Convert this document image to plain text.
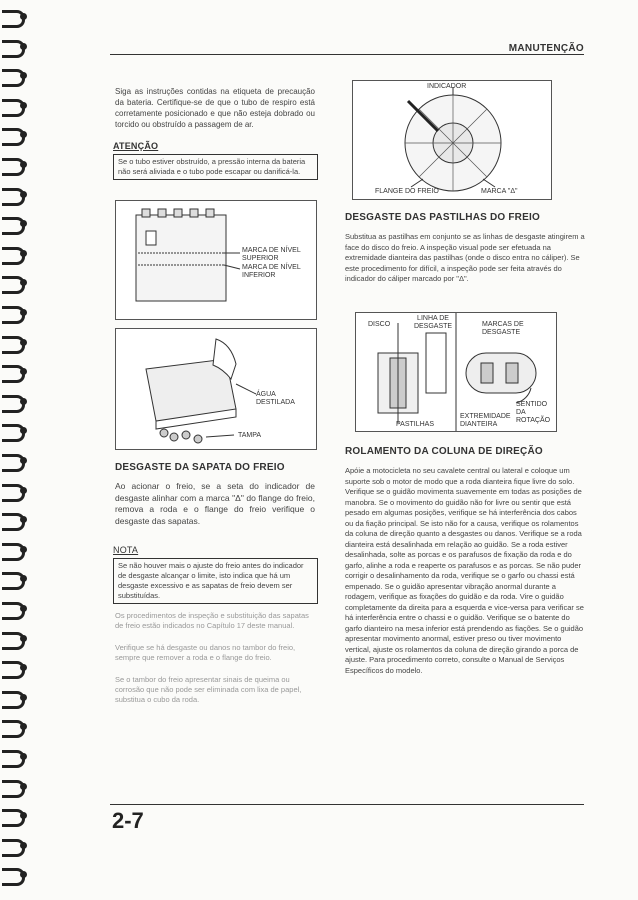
MANUTENÇÃO
Siga as instruções contidas na etiqueta de precaução da bateria. Certifique-se de que o tubo de respiro está corretamente posicionado e que não esteja dobrado ou torcido ou obstruído a passagem de ar.
ATENÇÃO
Se o tubo estiver obstruído, a pressão interna da bateria não será aliviada e o tubo pode escapar ou danificá-la.
MARCA DE NÍVEL SUPERIOR
MARCA DE NÍVEL INFERIOR
ÁGUA DESTILADA
TAMPA
DESGASTE DA SAPATA DO FREIO
Ao acionar o freio, se a seta do indicador de desgaste alinhar com a marca "Δ" do flange do freio, remova a roda e o flange do freio verifique o desgaste das sapatas.
NOTA
Se não houver mais o ajuste do freio antes do indicador de desgaste alcançar o limite, isto indica que há um desgaste excessivo e as sapatas de freio devem ser substituídas.
Os procedimentos de inspeção e substituição das sapatas de freio estão indicados no Capítulo 17 deste manual.
Verifique se há desgaste ou danos no tambor do freio, sempre que remover a roda e o flange do freio.
Se o tambor do freio apresentar sinais de queima ou corrosão que não pode ser eliminada com lixa de papel, substitua o cubo da roda.
INDICADOR
FLANGE DO FREIO	MARCA "Δ"
DESGASTE DAS PASTILHAS DO FREIO
Substitua as pastilhas em conjunto se as linhas de desgaste atingirem a face do disco do freio. A inspeção visual pode ser efetuada na extremidade dianteira das pastilhas (onde o disco entra no cáliper). Se este procedimento for difícil, a inspeção pode ser feita através do indicador do cáliper marcado por "Δ".
DISCO
LINHA DE DESGASTE	MARCAS DE DESGASTE
PASTILHAS
EXTREMIDADE DIANTEIRA
SENTIDO DA ROTAÇÃO
ROLAMENTO DA COLUNA DE DIREÇÃO
Apóie a motocicleta no seu cavalete central ou lateral e coloque um suporte sob o motor de modo que a roda dianteira fique livre do solo. Verifique se o guidão movimenta suavemente em todas as posições de manobra. Se o movimento do guidão não for livre ou sentir que está pesado em algumas posições, verifique se há interferência dos cabos ou da fiação principal. Se isto não for a causa, verifique os rolamentos da coluna de direção quanto a desgastes ou danos. Verifique se a roda dianteira está desalinhada em relação ao guidão. Se a roda estiver desalinhada, solte as porcas e os parafusos de fixação da roda e do garfo, alinhe a roda e reaperte os parafusos e as porcas. Se não puder corrigir o desalinhamento da roda, verifique se o garfo ou chassi está empenado. Se o guidão apresentar vibração anormal durante a rodagem, verifique as fixações do guidão e da roda. Vire o guidão completamente da direita para a esquerda e vice-versa para verificar se há interferência entre o chassi e o guidão. Verifique se o batente do garfo dianteiro na mesa inferior está prendendo as fiações. Se o guidão apresentar movimento anormal, estiver preso ou tiver movimento vertical, ajuste os rolamentos da coluna de direção girando a porca de ajuste. Para procedimento correto, consulte o Manual de Serviços Específicos do modelo.
2-7
